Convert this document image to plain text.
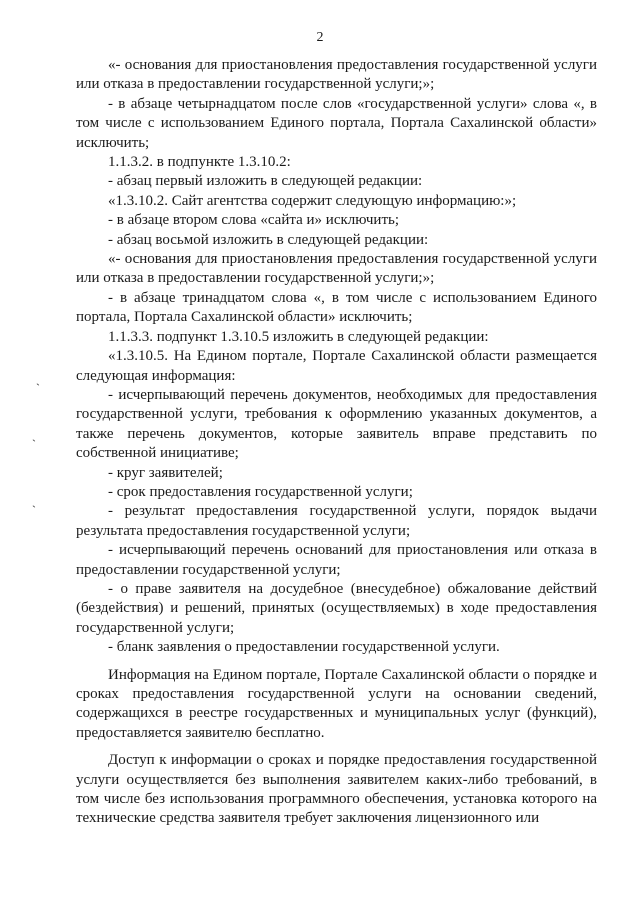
2
ˎ
ˎ
ˎ

«- основания для приостановления предоставления государственной услуги или отказа в предоставлении государственной услуги;»;

- в абзаце четырнадцатом после слов «государственной услуги» слова «, в том числе с использованием Единого портала, Портала Сахалинской области» исключить;

1.1.3.2. в подпункте 1.3.10.2:

- абзац первый изложить в следующей редакции:

«1.3.10.2. Сайт агентства содержит следующую информацию:»;

- в абзаце втором слова «сайта и» исключить;

- абзац восьмой изложить в следующей редакции:

«- основания для приостановления предоставления государственной услуги или отказа в предоставлении государственной услуги;»;

- в абзаце тринадцатом слова «, в том числе с использованием Единого портала, Портала Сахалинской области» исключить;

1.1.3.3. подпункт 1.3.10.5 изложить в следующей редакции:

«1.3.10.5. На Едином портале, Портале Сахалинской области размещается следующая информация:

- исчерпывающий перечень документов, необходимых для предоставления государственной услуги, требования к оформлению указанных документов, а также перечень документов, которые заявитель вправе представить по собственной инициативе;

- круг заявителей;

- срок предоставления государственной услуги;

- результат предоставления государственной услуги, порядок выдачи результата предоставления государственной услуги;

- исчерпывающий перечень оснований для приостановления или отказа в предоставлении государственной услуги;

- о праве заявителя на досудебное (внесудебное) обжалование действий (бездействия) и решений, принятых (осуществляемых) в ходе предоставления государственной услуги;

- бланк заявления о предоставлении государственной услуги.

Информация на Едином портале, Портале Сахалинской области о порядке и сроках предоставления государственной услуги на основании сведений, содержащихся в реестре государственных и муниципальных услуг (функций), предоставляется заявителю бесплатно.

Доступ к информации о сроках и порядке предоставления государственной услуги осуществляется без выполнения заявителем каких-либо требований, в том числе без использования программного обеспечения, установка которого на технические средства заявителя требует заключения лицензионного или
